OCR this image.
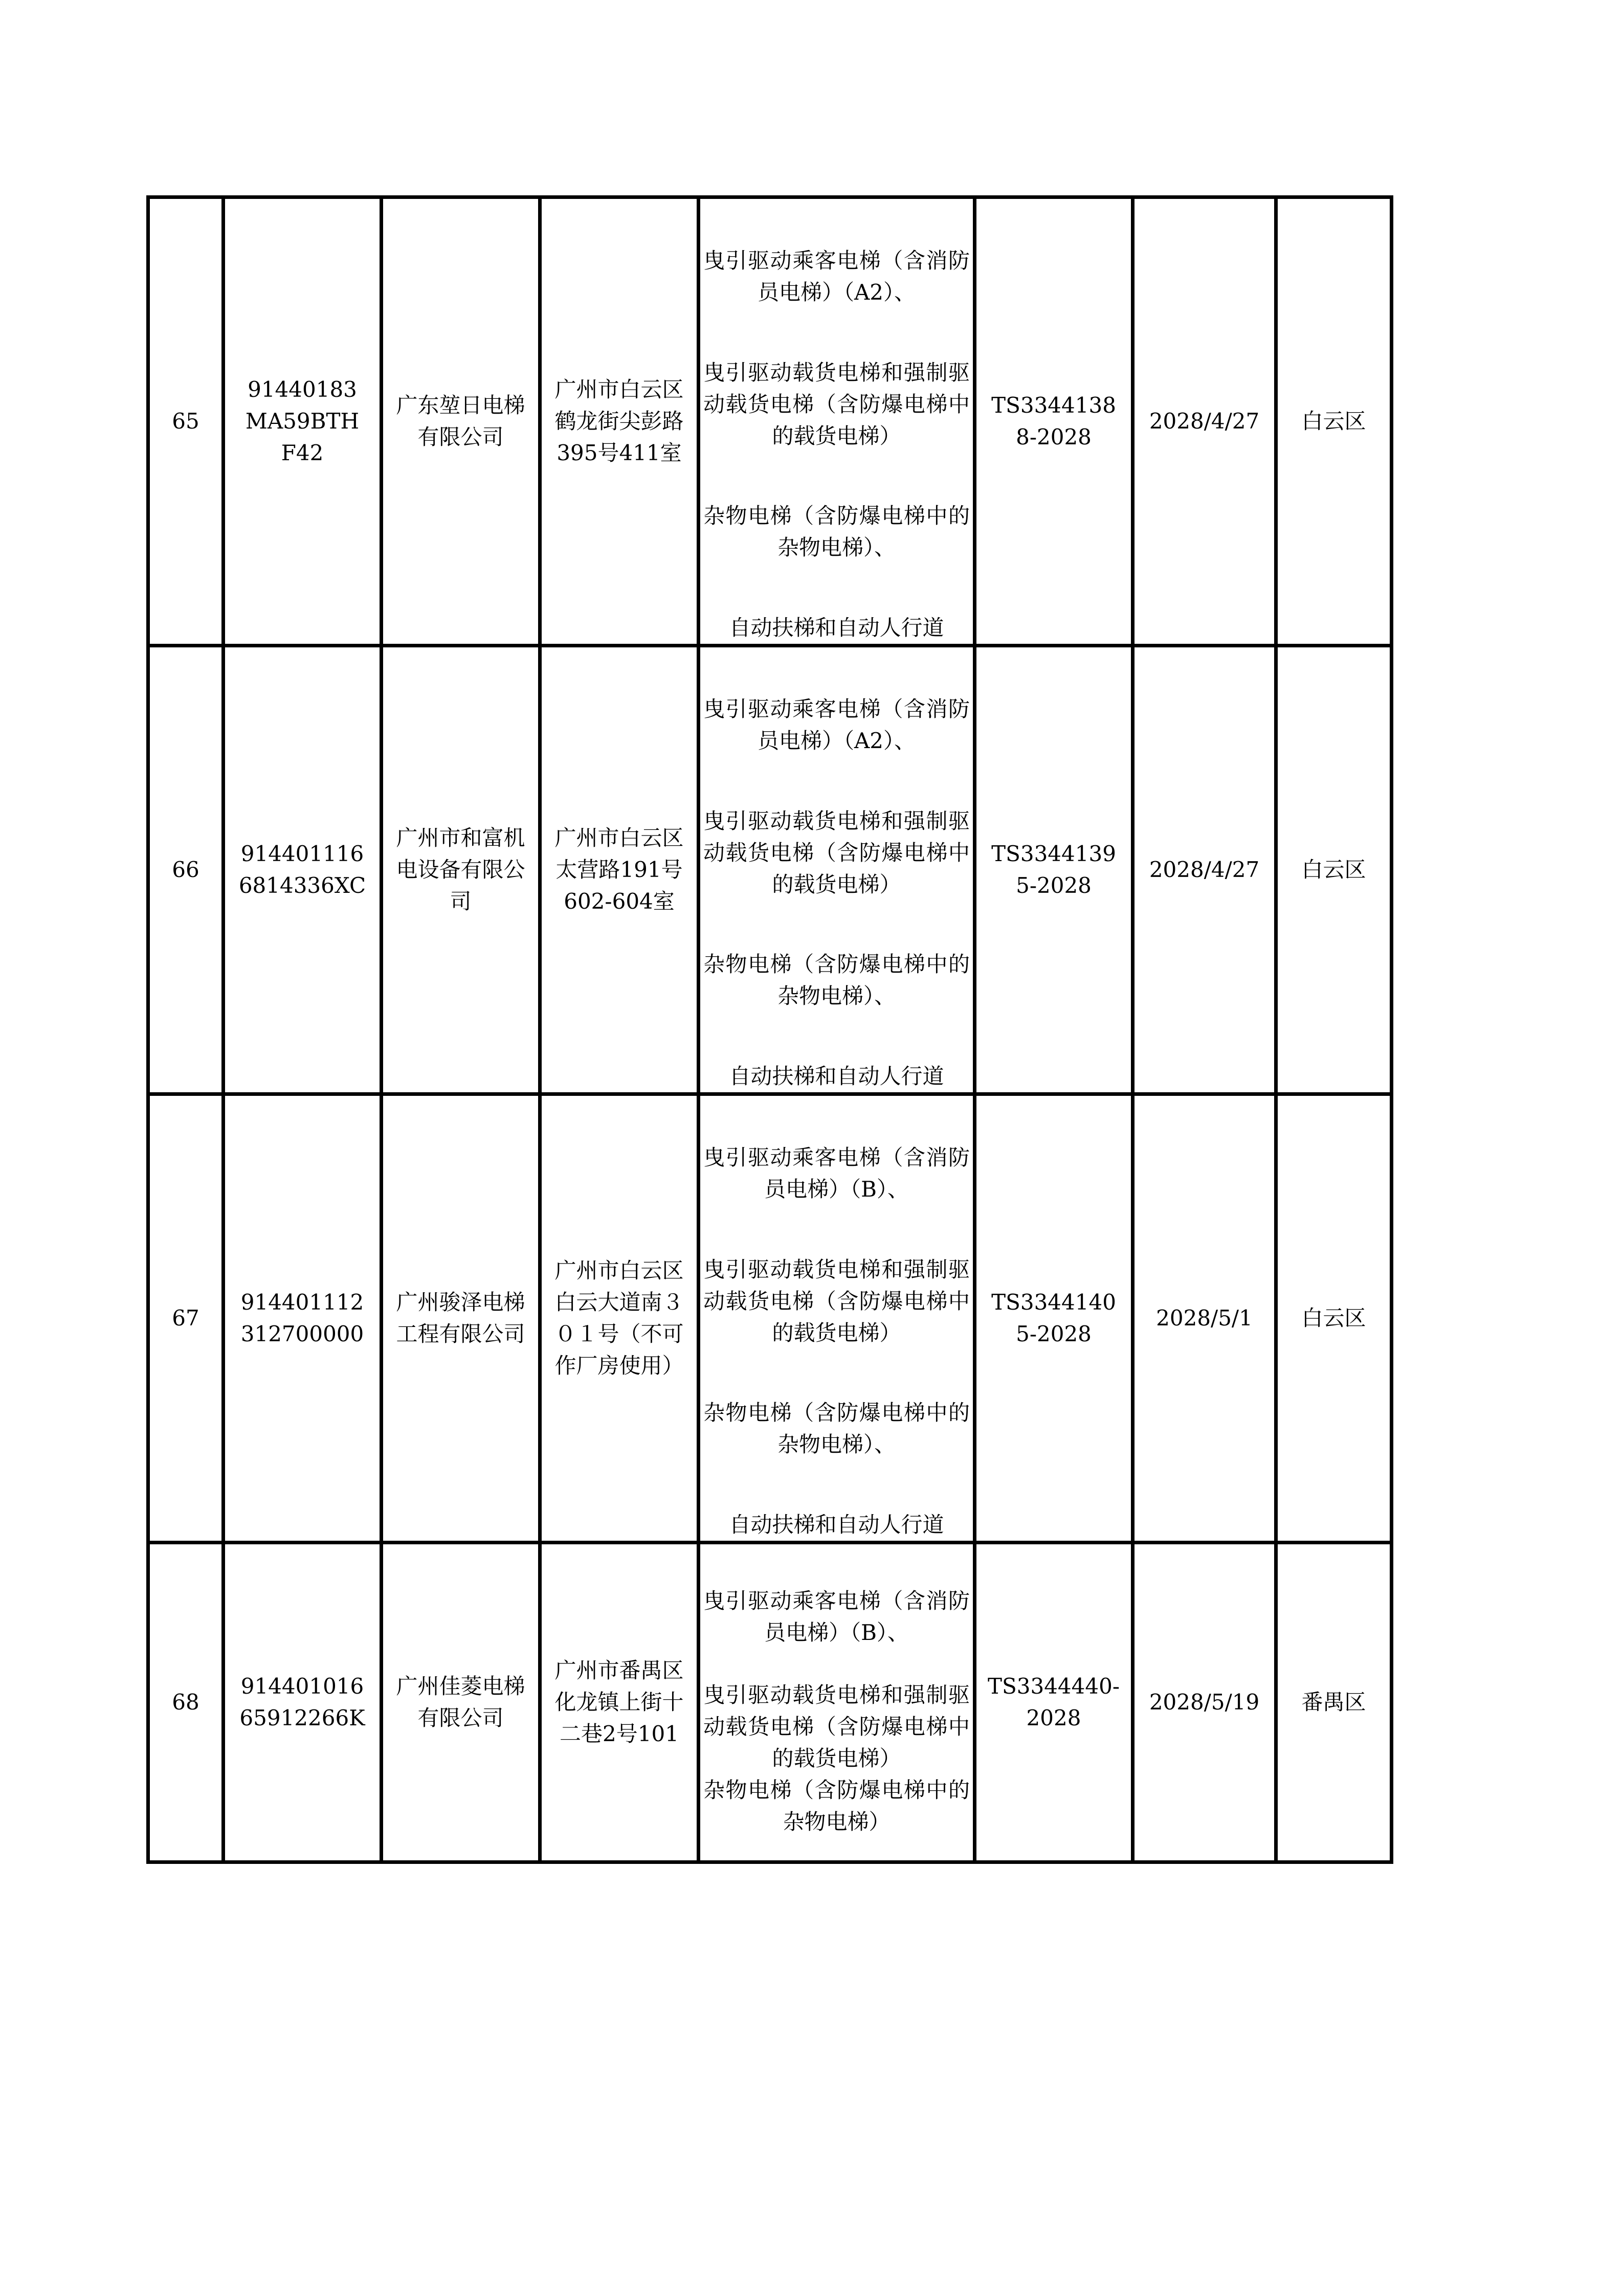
65	91440183MA59BTHF42	广东堃日电梯有限公司	广州市白云区鹤龙街尖彭路395号411室	曳引驱动乘客电梯（含消防员电梯）（A2）、
曳引驱动载货电梯和强制驱动载货电梯（含防爆电梯中的载货电梯）
杂物电梯（含防爆电梯中的杂物电梯）、
自动扶梯和自动人行道	TS33441388-2028	2028/4/27	白云区
66	9144011166814336XC	广州市和富机电设备有限公司	广州市白云区太营路191号602-604室	曳引驱动乘客电梯（含消防员电梯）（A2）、
曳引驱动载货电梯和强制驱动载货电梯（含防爆电梯中的载货电梯）
杂物电梯（含防爆电梯中的杂物电梯）、
自动扶梯和自动人行道	TS33441395-2028	2028/4/27	白云区
67	914401112312700000	广州骏泽电梯工程有限公司	广州市白云区白云大道南３０１号（不可作厂房使用）	曳引驱动乘客电梯（含消防员电梯）（B）、
曳引驱动载货电梯和强制驱动载货电梯（含防爆电梯中的载货电梯）
杂物电梯（含防爆电梯中的杂物电梯）、
自动扶梯和自动人行道	TS33441405-2028	2028/5/1	白云区
68	91440101665912266K	广州佳菱电梯有限公司	广州市番禺区化龙镇上街十二巷2号101	曳引驱动乘客电梯（含消防员电梯）（B）、
曳引驱动载货电梯和强制驱动载货电梯（含防爆电梯中的载货电梯）
杂物电梯（含防爆电梯中的杂物电梯）	TS3344440-2028	2028/5/19	番禺区
